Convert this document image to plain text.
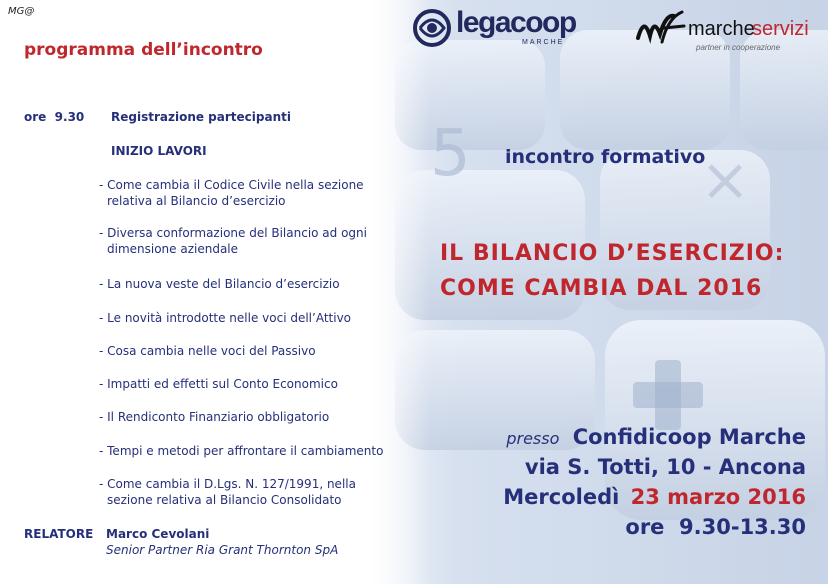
MG@	legacoop
MARCHE
marche
servizi
partner in cooperazione
programma dell’incontro
ore  9.30 Registrazione partecipanti
INIZIO LAVORI
- Come cambia il Codice Civile nella sezione
relativa al Bilancio d’esercizio
- Diversa conformazione del Bilancio ad ogni
dimensione aziendale
- La nuova veste del Bilancio d’esercizio
- Le novità introdotte nelle voci dell’Attivo
- Cosa cambia nelle voci del Passivo
- Impatti ed effetti sul Conto Economico
- Il Rendiconto Finanziario obbligatorio
- Tempi e metodi per affrontare il cambiamento
- Come cambia il D.Lgs. N. 127/1991, nella
sezione relativa al Bilancio Consolidato
RELATORE Marco Cevolani
Senior Partner Ria Grant Thornton SpA
incontro formativo
IL BILANCIO D’ESERCIZIO:
COME CAMBIA DAL 2016
presso Confidicoop Marche
via S. Totti, 10 - Ancona
Mercoledì 23 marzo 2016
ore  9.30-13.30
